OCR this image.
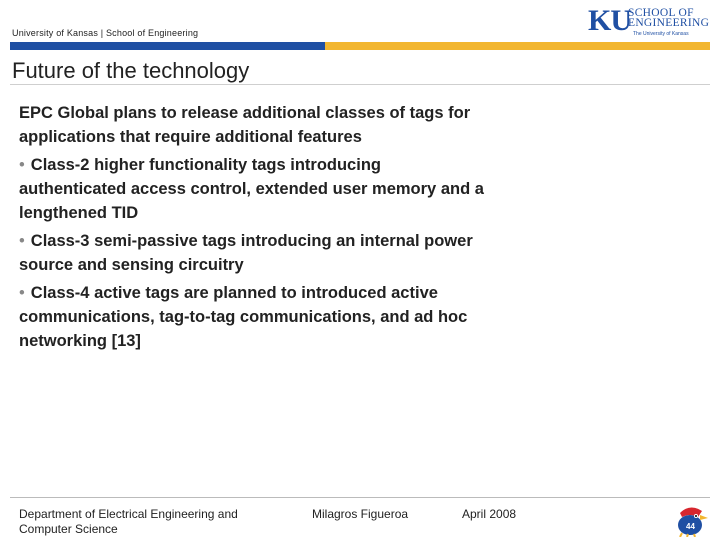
University of Kansas | School of Engineering	KU
SCHOOL OF
ENGINEERING
The University of Kansas
Future of the technology

EPC Global plans to release additional classes of tags for applications that require additional features

• Class-2 higher functionality tags introducing authenticated access control, extended user memory and a lengthened TID

• Class-3 semi-passive tags introducing an internal power source and sensing circuitry

• Class-4 active tags are planned to introduced active communications, tag-to-tag communications, and ad hoc networking [13]

Department of Electrical Engineering and Computer Science
Milagros Figueroa	April 2008
44
